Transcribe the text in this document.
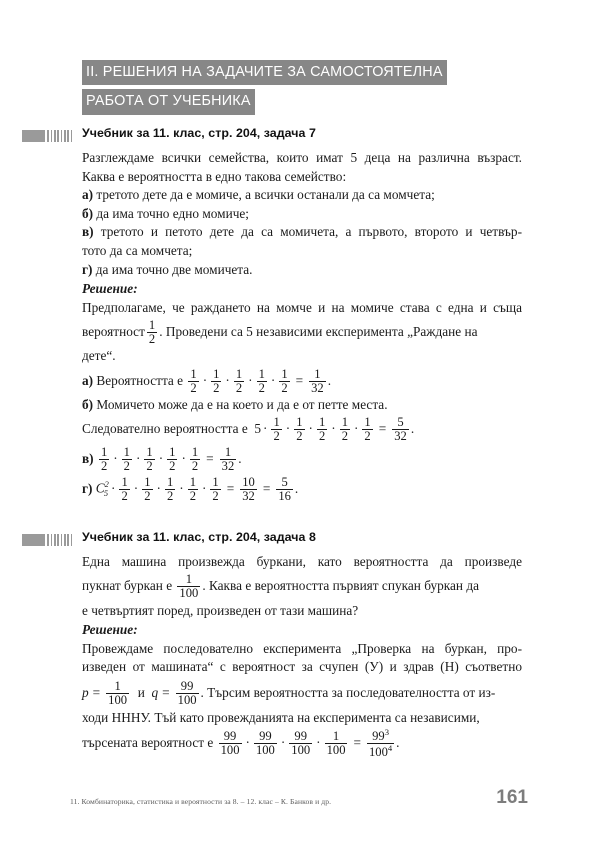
II. РЕШЕНИЯ НА ЗАДАЧИТЕ ЗА САМОСТОЯТЕЛНА РАБОТА ОТ УЧЕБНИКА
Учебник за 11. клас, стр. 204, задача 7

Разглеждаме всички семейства, които имат 5 деца на различна възраст.

Каква е вероятността в едно такова семейство:

а) третото дете да е момиче, а всички останали да са момчета;

б) да има точно едно момиче;

в) третото и петото дете да са момичета, а първото, второто и четвър-

тото да са момчета;

г) да има точно две момичета.

Решение:

Предполагаме, че раждането на момче и на момиче става с една и съща

вероятност $\frac{1}{2}$ . Проведени са 5 независими експеримента „Раждане на

дете“.

а)
Вероятността е
$\frac{1}{2} \cdot \frac{1}{2} \cdot \frac{1}{2} \cdot \frac{1}{2} \cdot \frac{1}{2} = \frac{1}{32}$ .

б) Момичето може да е на което и да е от петте места.

Следователно вероятността е
$5 \cdot \frac{1}{2} \cdot \frac{1}{2} \cdot \frac{1}{2} \cdot \frac{1}{2} \cdot \frac{1}{2} = \frac{5}{32}$ .
в)
$\frac{1}{2} \cdot \frac{1}{2} \cdot \frac{1}{2} \cdot \frac{1}{2} \cdot \frac{1}{2} = \frac{1}{32}$ .
г)
$C^2_5 \cdot \frac{1}{2} \cdot \frac{1}{2} \cdot \frac{1}{2} \cdot \frac{1}{2} \cdot \frac{1}{2} = \frac{10}{32} = \frac{5}{16}$ .
Учебник за 11. клас, стр. 204, задача 8

Една машина произвежда буркани, като вероятността да произведе

пукнат буркан е
$\frac{1}{100}$ . Каква е вероятността първият спукан буркан да

е четвъртият поред, произведен от тази машина?

Решение:

Провеждаме последователно експеримента „Проверка на буркан, про-

изведен от машината“ с вероятност за счупен (У) и здрав (Н) съответно

$p = \frac{1}{100}$
и
$q = \frac{99}{100}$ . Търсим вероятността за последователността от из-

ходи НННУ. Тъй като провежданията на експеримента са независими,

търсената вероятност е
$\frac{99}{100} \cdot \frac{99}{100} \cdot \frac{99}{100} \cdot \frac{1}{100} = \frac{99^3}{100^4}$ .
11. Комбинаторика, статистика и вероятности за 8. – 12. клас – К. Банков и др.	161
